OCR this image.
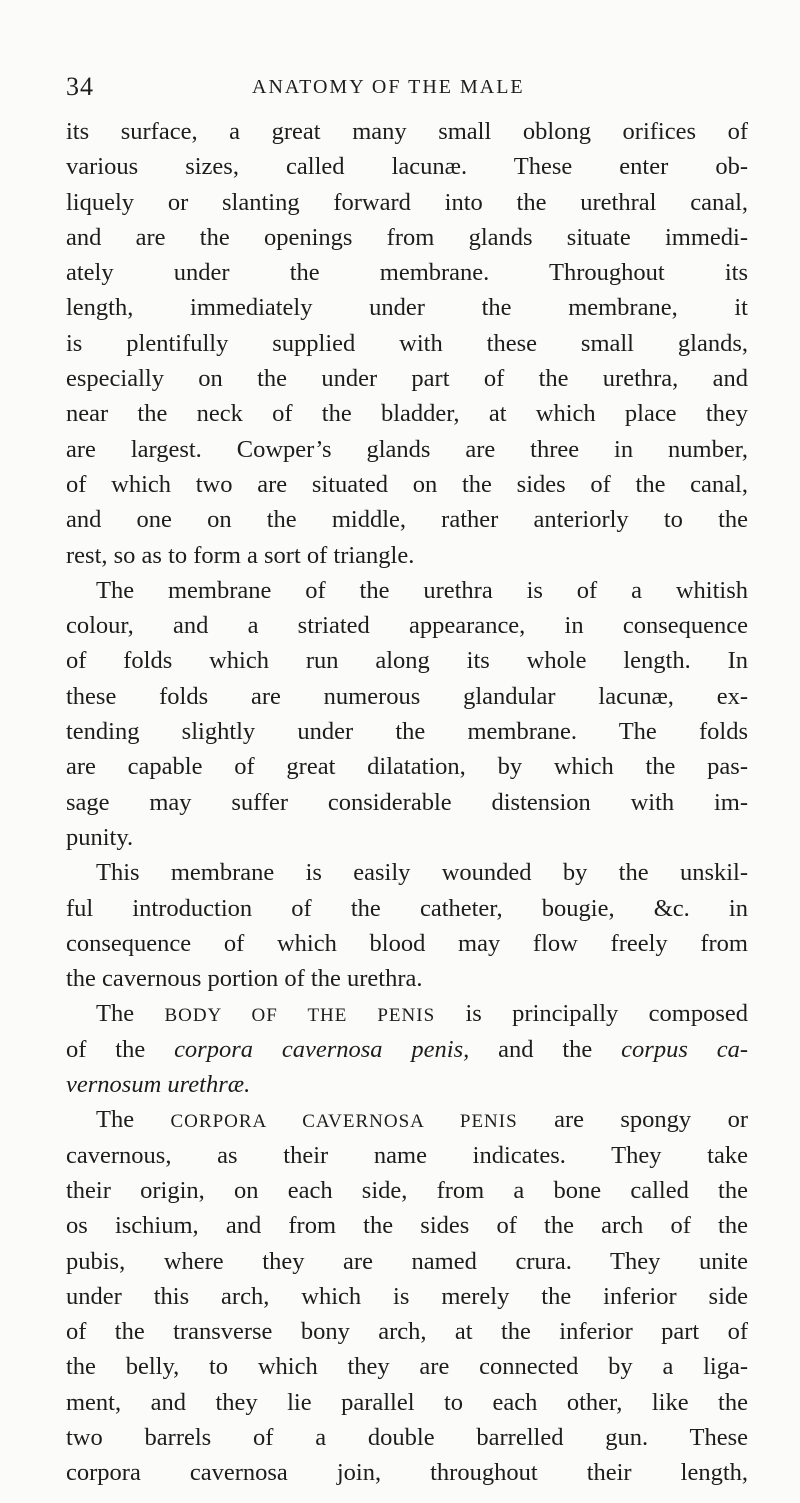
34	ANATOMY OF THE MALE
its surface, a great many small oblong orifices of
various sizes, called lacunæ. These enter ob-
liquely or slanting forward into the urethral canal,
and are the openings from glands situate immedi-
ately under the membrane. Throughout its
length, immediately under the membrane, it
is plentifully supplied with these small glands,
especially on the under part of the urethra, and
near the neck of the bladder, at which place they
are largest. Cowper’s glands are three in number,
of which two are situated on the sides of the canal,
and one on the middle, rather anteriorly to the
rest, so as to form a sort of triangle.
The membrane of the urethra is of a whitish
colour, and a striated appearance, in consequence
of folds which run along its whole length. In
these folds are numerous glandular lacunæ, ex-
tending slightly under the membrane. The folds
are capable of great dilatation, by which the pas-
sage may suffer considerable distension with im-
punity.
This membrane is easily wounded by the unskil-
ful introduction of the catheter, bougie, &c. in
consequence of which blood may flow freely from
the cavernous portion of the urethra.
The BODY OF THE PENIS is principally composed
of the corpora cavernosa penis, and the corpus ca-
vernosum urethræ.
The CORPORA CAVERNOSA PENIS are spongy or
cavernous, as their name indicates. They take
their origin, on each side, from a bone called the
os ischium, and from the sides of the arch of the
pubis, where they are named crura. They unite
under this arch, which is merely the inferior side
of the transverse bony arch, at the inferior part of
the belly, to which they are connected by a liga-
ment, and they lie parallel to each other, like the
two barrels of a double barrelled gun. These
corpora cavernosa join, throughout their length,
